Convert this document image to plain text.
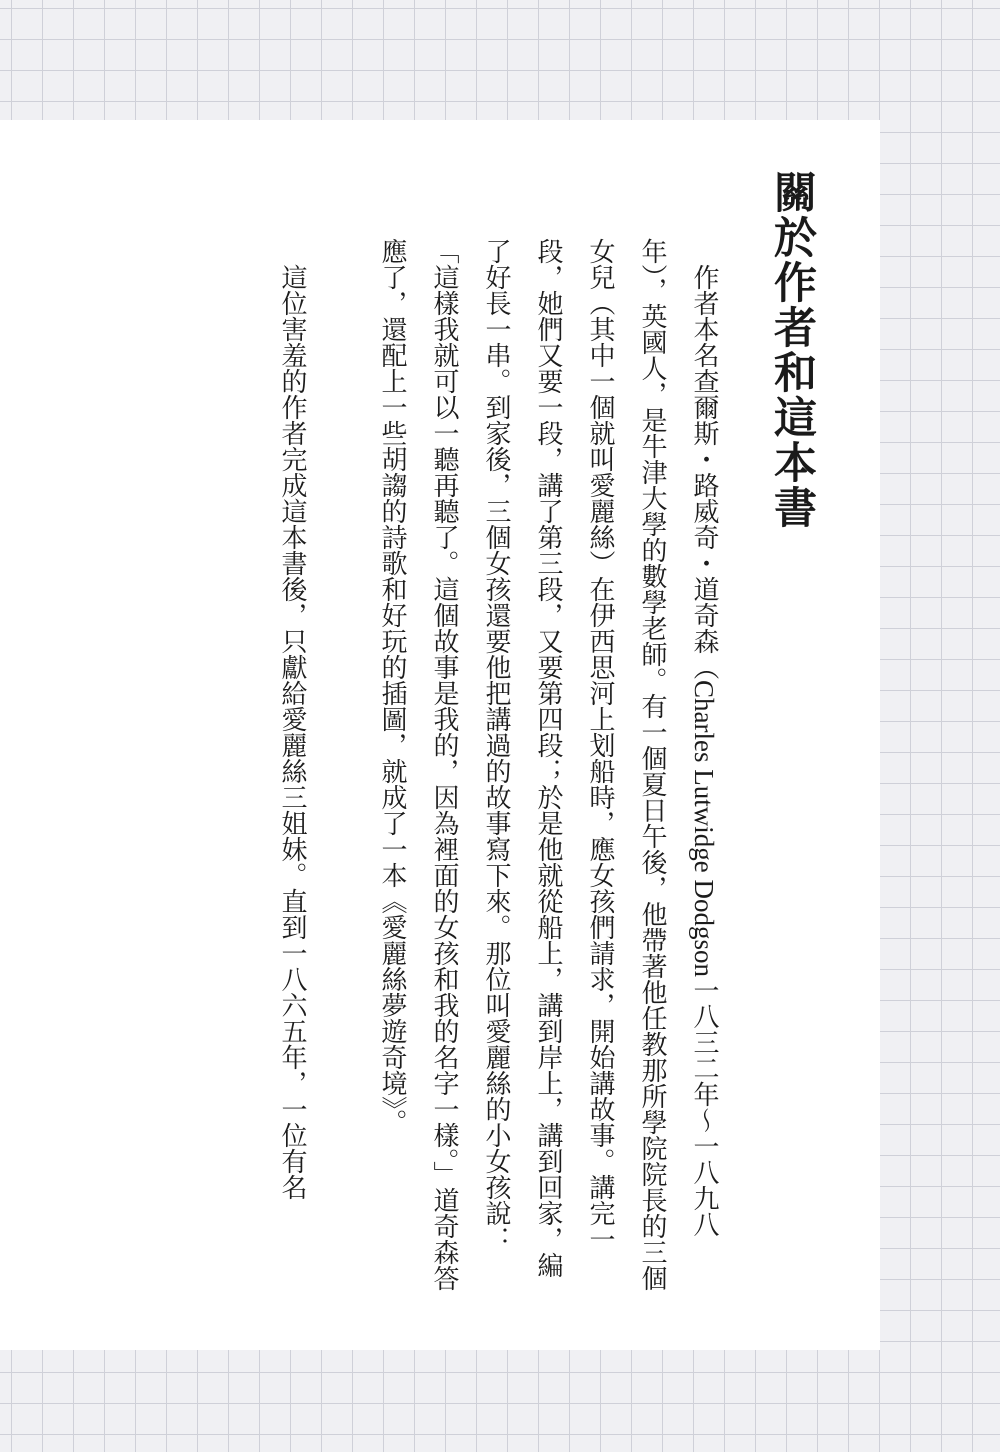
關於作者和這本書

作者本名查爾斯・路威奇・道奇森（Charles Lutwidge Dodgson一八三二年～一八九八年），英國人，是牛津大學的數學老師。有一個夏日午後，他帶著他任教那所學院院長的三個女兒（其中一個就叫愛麗絲）在伊西思河上划船時，應女孩們請求，開始講故事。講完一段，她們又要一段，講了第三段，又要第四段；於是他就從船上，講到岸上，講到回家，編了好長一串。到家後，三個女孩還要他把講過的故事寫下來。那位叫愛麗絲的小女孩說：「這樣我就可以一聽再聽了。這個故事是我的，因為裡面的女孩和我的名字一樣。」道奇森答應了，還配上一些胡謅的詩歌和好玩的插圖，就成了一本《愛麗絲夢遊奇境》。

這位害羞的作者完成這本書後，只獻給愛麗絲三姐妹。直到一八六五年，一位有名
